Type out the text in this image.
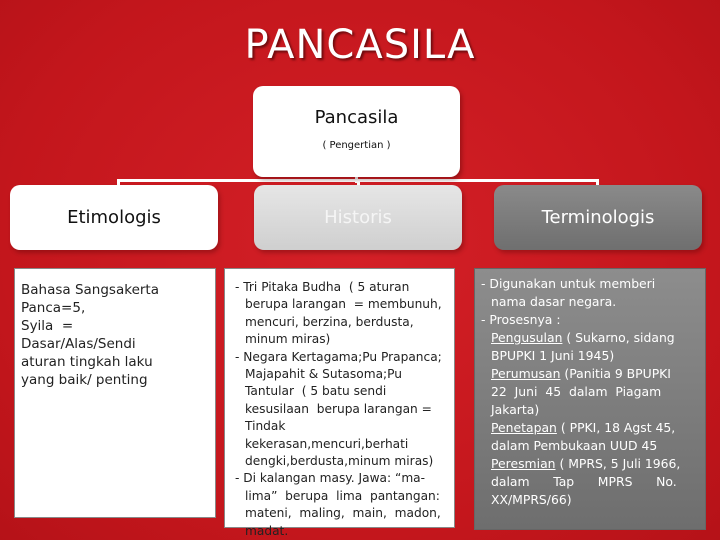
PANCASILA
Pancasila
( Pengertian )
Etimologis	Historis	Terminologis
Bahasa Sangsakerta
Panca=5,
Syila  =
Dasar/Alas/Sendi
aturan tingkah laku
yang baik/ penting
- Tri Pitaka Budha  ( 5 aturan
berupa larangan  = membunuh,
mencuri, berzina, berdusta,
minum miras)
- Negara Kertagama;Pu Prapanca;
Majapahit & Sutasoma;Pu
Tantular  ( 5 batu sendi
kesusilaan  berupa larangan =
Tindak
kekerasan,mencuri,berhati
dengki,berdusta,minum miras)
- Di kalangan masy. Jawa: “ma-
lima”  berupa  lima  pantangan:
mateni,  maling,  main,  madon,
madat.
- Digunakan untuk memberi
nama dasar negara.
- Prosesnya :
Pengusulan ( Sukarno, sidang
BPUPKI 1 Juni 1945)
Perumusan (Panitia 9 BPUPKI
22  Juni  45  dalam  Piagam
Jakarta)
Penetapan ( PPKI, 18 Agst 45,
dalam Pembukaan UUD 45
Peresmian ( MPRS, 5 Juli 1966,
dalam      Tap      MPRS      No.
XX/MPRS/66)
